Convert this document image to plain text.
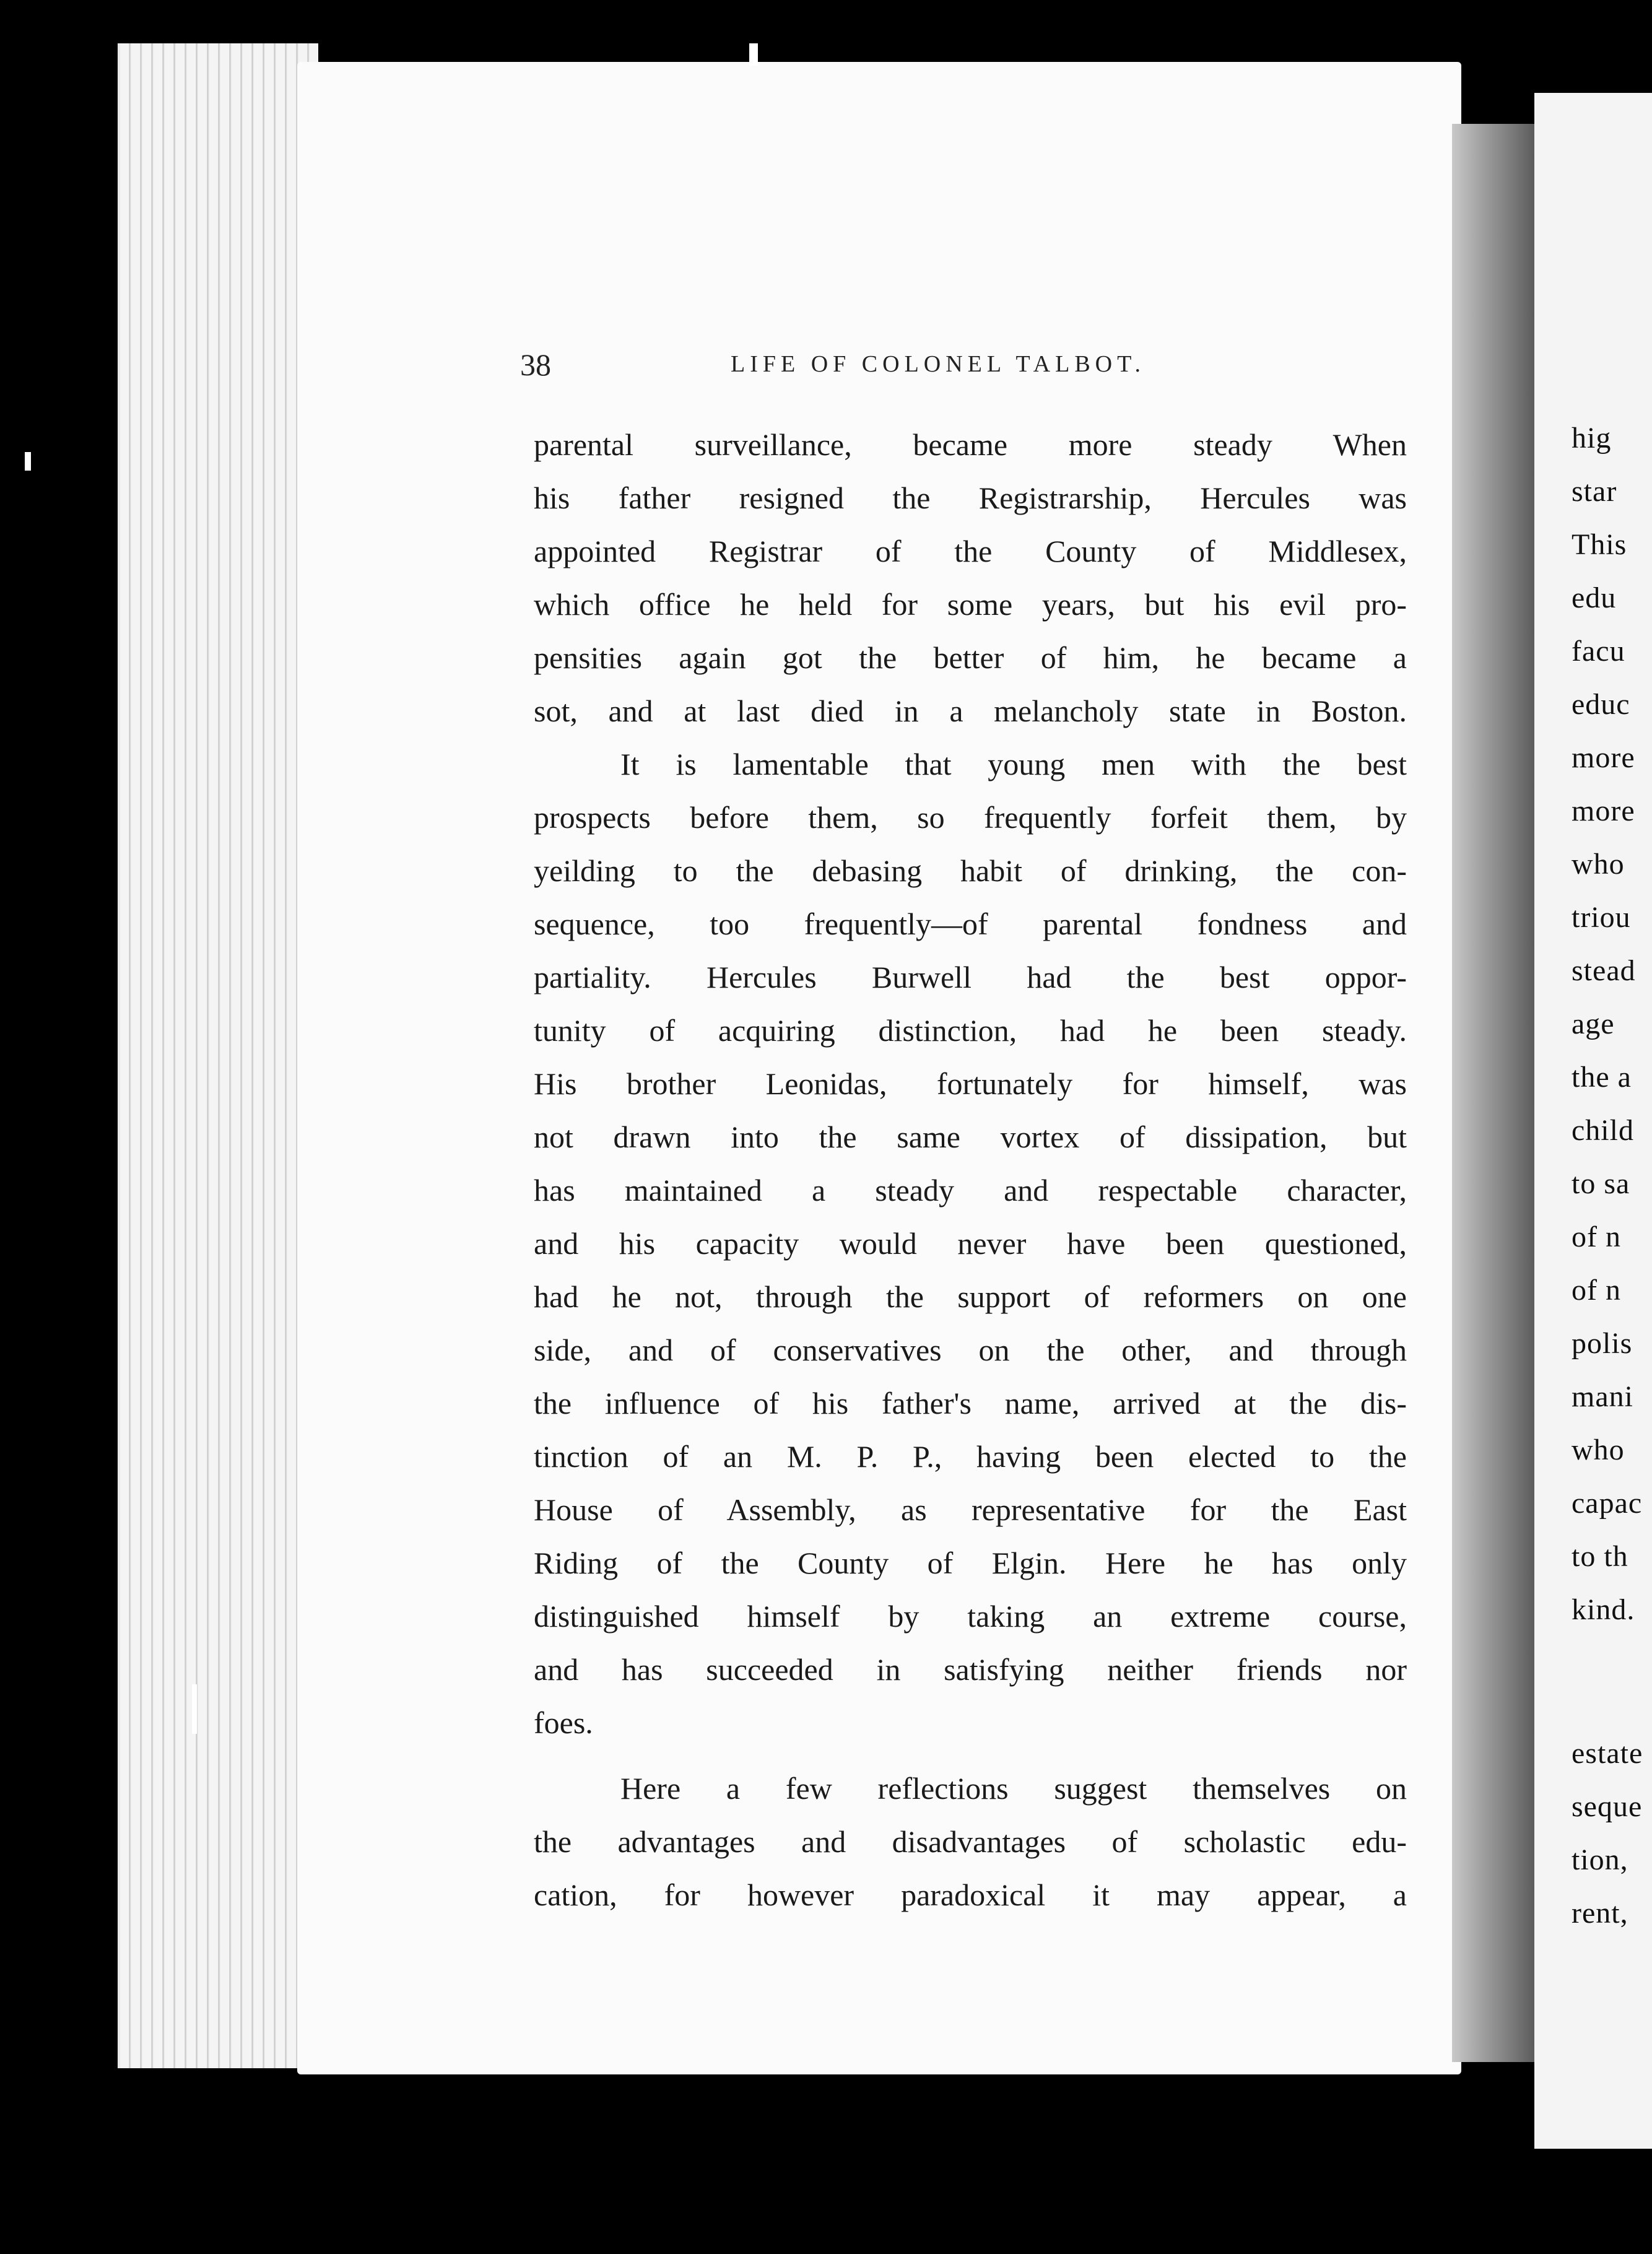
hig
star
This
edu
facu
educ
more
more
who
triou
stead
age
the a
child
to sa
of n
of n
polis
mani
who
capac
to th
kind.
estate
seque
tion,
rent,
38	LIFE OF COLONEL TALBOT.
parental surveillance, became more steady When
his father resigned the Registrarship, Hercules was
appointed Registrar of the County of Middlesex,
which office he held for some years, but his evil pro-
pensities again got the better of him, he became a
sot, and at last died in a melancholy state in Boston.
It is lamentable that young men with the best
prospects before them, so frequently forfeit them, by
yeilding to the debasing habit of drinking, the con-
sequence, too frequently—of parental fondness and
partiality. Hercules Burwell had the best oppor-
tunity of acquiring distinction, had he been steady.
His brother Leonidas, fortunately for himself, was
not drawn into the same vortex of dissipation, but
has maintained a steady and respectable character,
and his capacity would never have been questioned,
had he not, through the support of reformers on one
side, and of conservatives on the other, and through
the influence of his father's name, arrived at the dis-
tinction of an M. P. P., having been elected to the
House of Assembly, as representative for the East
Riding of the County of Elgin. Here he has only
distinguished himself by taking an extreme course,
and has succeeded in satisfying neither friends nor
foes.
Here a few reflections suggest themselves on
the advantages and disadvantages of scholastic edu-
cation, for however paradoxical it may appear, a
